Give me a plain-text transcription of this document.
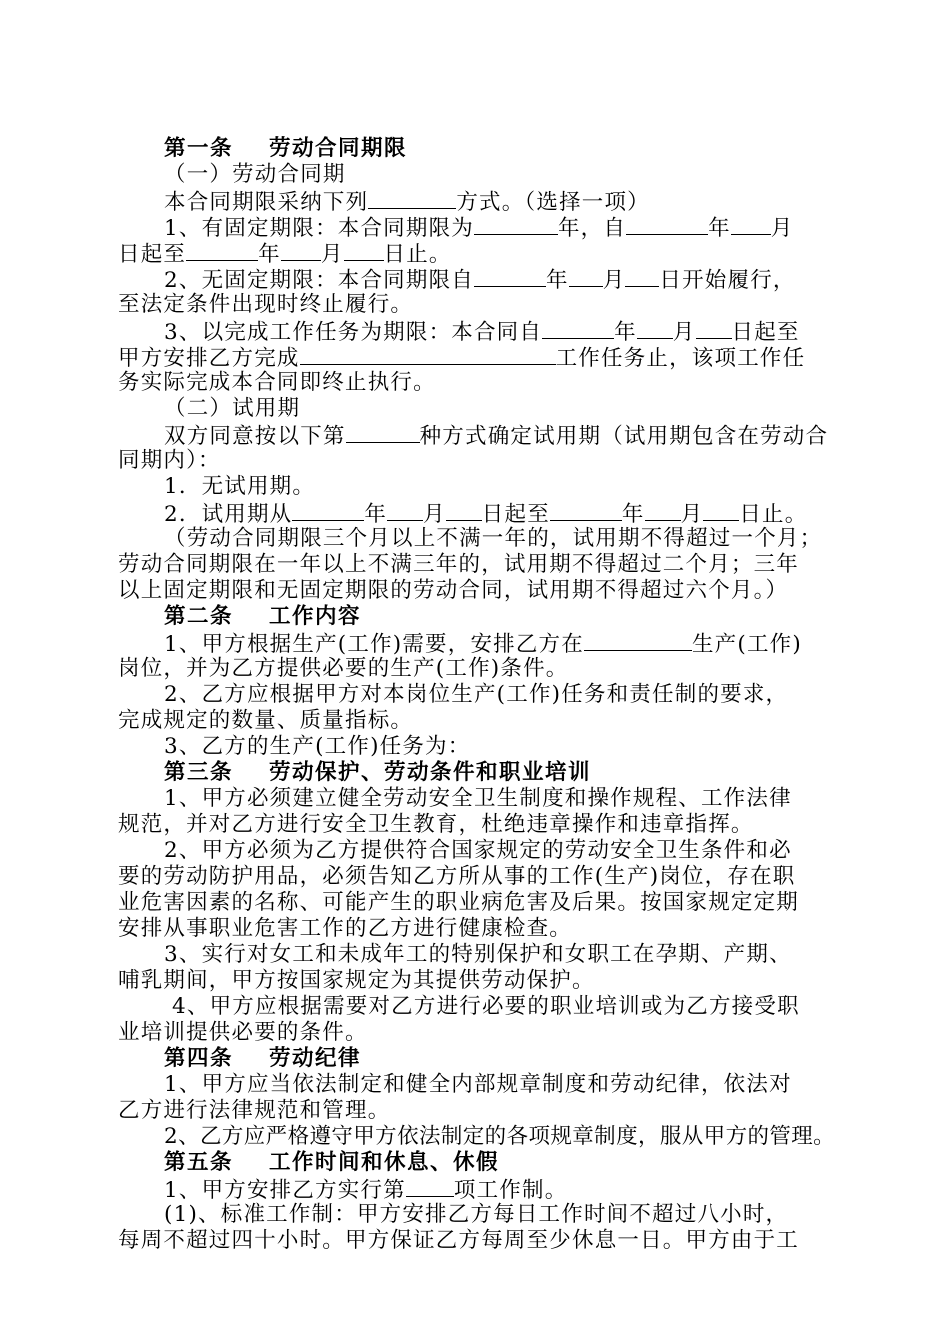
第一条 劳动合同期限
（一）劳动合同期
本合同期限采纳下列	方式。（选择一项）
1、有固定期限：本合同期限为	年，自	年 月
日起至	年 月 日止。
2、无固定期限：本合同期限自	年 月 日开始履行，
至法定条件出现时终止履行。
3、以完成工作任务为期限：本合同自	年 月 日起至
甲方安排乙方完成	工作任务止，该项工作任
务实际完成本合同即终止执行。
（二）试用期
双方同意按以下第	种方式确定试用期（试用期包含在劳动合
同期内）：
1．无试用期。
2．试用期从	年 月 日起至	年 月 日止。
（劳动合同期限三个月以上不满一年的，试用期不得超过一个月；
劳动合同期限在一年以上不满三年的，试用期不得超过二个月；三年
以上固定期限和无固定期限的劳动合同，试用期不得超过六个月。）
第二条 工作内容
1、甲方根据生产(工作)需要，安排乙方在	生产(工作)
岗位，并为乙方提供必要的生产(工作)条件。
2、乙方应根据甲方对本岗位生产(工作)任务和责任制的要求，
完成规定的数量、质量指标。
3、乙方的生产(工作)任务为：
第三条 劳动保护、劳动条件和职业培训
1、甲方必须建立健全劳动安全卫生制度和操作规程、工作法律
规范，并对乙方进行安全卫生教育，杜绝违章操作和违章指挥。
2、甲方必须为乙方提供符合国家规定的劳动安全卫生条件和必
要的劳动防护用品，必须告知乙方所从事的工作(生产)岗位，存在职
业危害因素的名称、可能产生的职业病危害及后果。按国家规定定期
安排从事职业危害工作的乙方进行健康检查。
3、实行对女工和未成年工的特别保护和女职工在孕期、产期、
哺乳期间，甲方按国家规定为其提供劳动保护。
4、甲方应根据需要对乙方进行必要的职业培训或为乙方接受职
业培训提供必要的条件。
第四条 劳动纪律
1、甲方应当依法制定和健全内部规章制度和劳动纪律，依法对
乙方进行法律规范和管理。
2、乙方应严格遵守甲方依法制定的各项规章制度，服从甲方的管理。
第五条 工作时间和休息、休假
1、甲方安排乙方实行第 项工作制。
(1)、标准工作制：甲方安排乙方每日工作时间不超过八小时，
每周不超过四十小时。甲方保证乙方每周至少休息一日。甲方由于工
